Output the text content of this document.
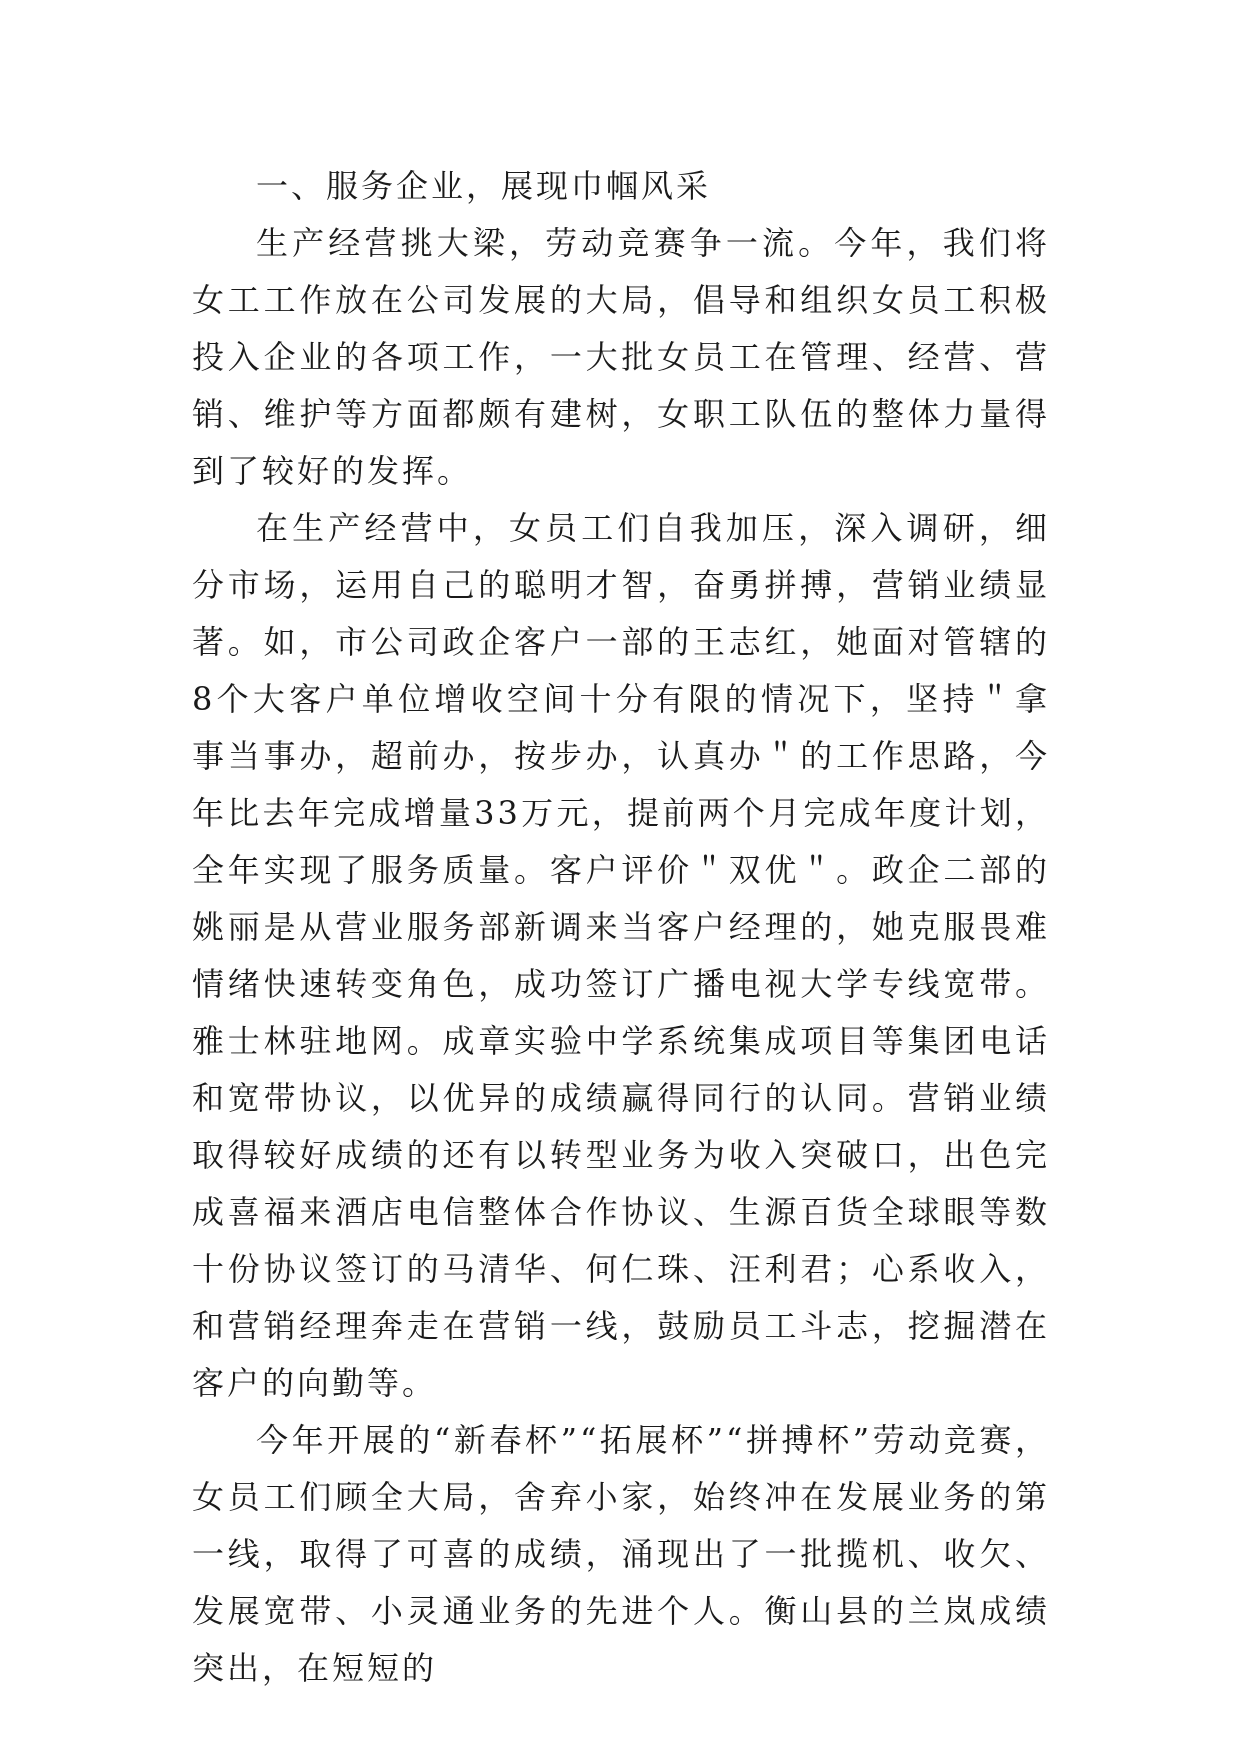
一、服务企业，展现巾帼风采

生产经营挑大梁，劳动竞赛争一流。今年，我们将女工工作放在公司发展的大局，倡导和组织女员工积极投入企业的各项工作，一大批女员工在管理、经营、营销、维护等方面都颇有建树，女职工队伍的整体力量得到了较好的发挥。

在生产经营中，女员工们自我加压，深入调研，细分市场，运用自己的聪明才智，奋勇拼搏，营销业绩显著。如，市公司政企客户一部的王志红，她面对管辖的8个大客户单位增收空间十分有限的情况下，坚持＂拿事当事办，超前办，按步办，认真办＂的工作思路，今年比去年完成增量33万元，提前两个月完成年度计划，全年实现了服务质量。客户评价＂双优＂。政企二部的姚丽是从营业服务部新调来当客户经理的，她克服畏难情绪快速转变角色，成功签订广播电视大学专线宽带。雅士林驻地网。成章实验中学系统集成项目等集团电话和宽带协议，以优异的成绩赢得同行的认同。营销业绩取得较好成绩的还有以转型业务为收入突破口，出色完成喜福来酒店电信整体合作协议、生源百货全球眼等数十份协议签订的马清华、何仁珠、汪利君；心系收入，和营销经理奔走在营销一线，鼓励员工斗志，挖掘潜在客户的向勤等。

今年开展的“新春杯”“拓展杯”“拼搏杯”劳动竞赛，女员工们顾全大局，舍弃小家，始终冲在发展业务的第一线，取得了可喜的成绩，涌现出了一批揽机、收欠、发展宽带、小灵通业务的先进个人。衡山县的兰岚成绩突出，在短短的
